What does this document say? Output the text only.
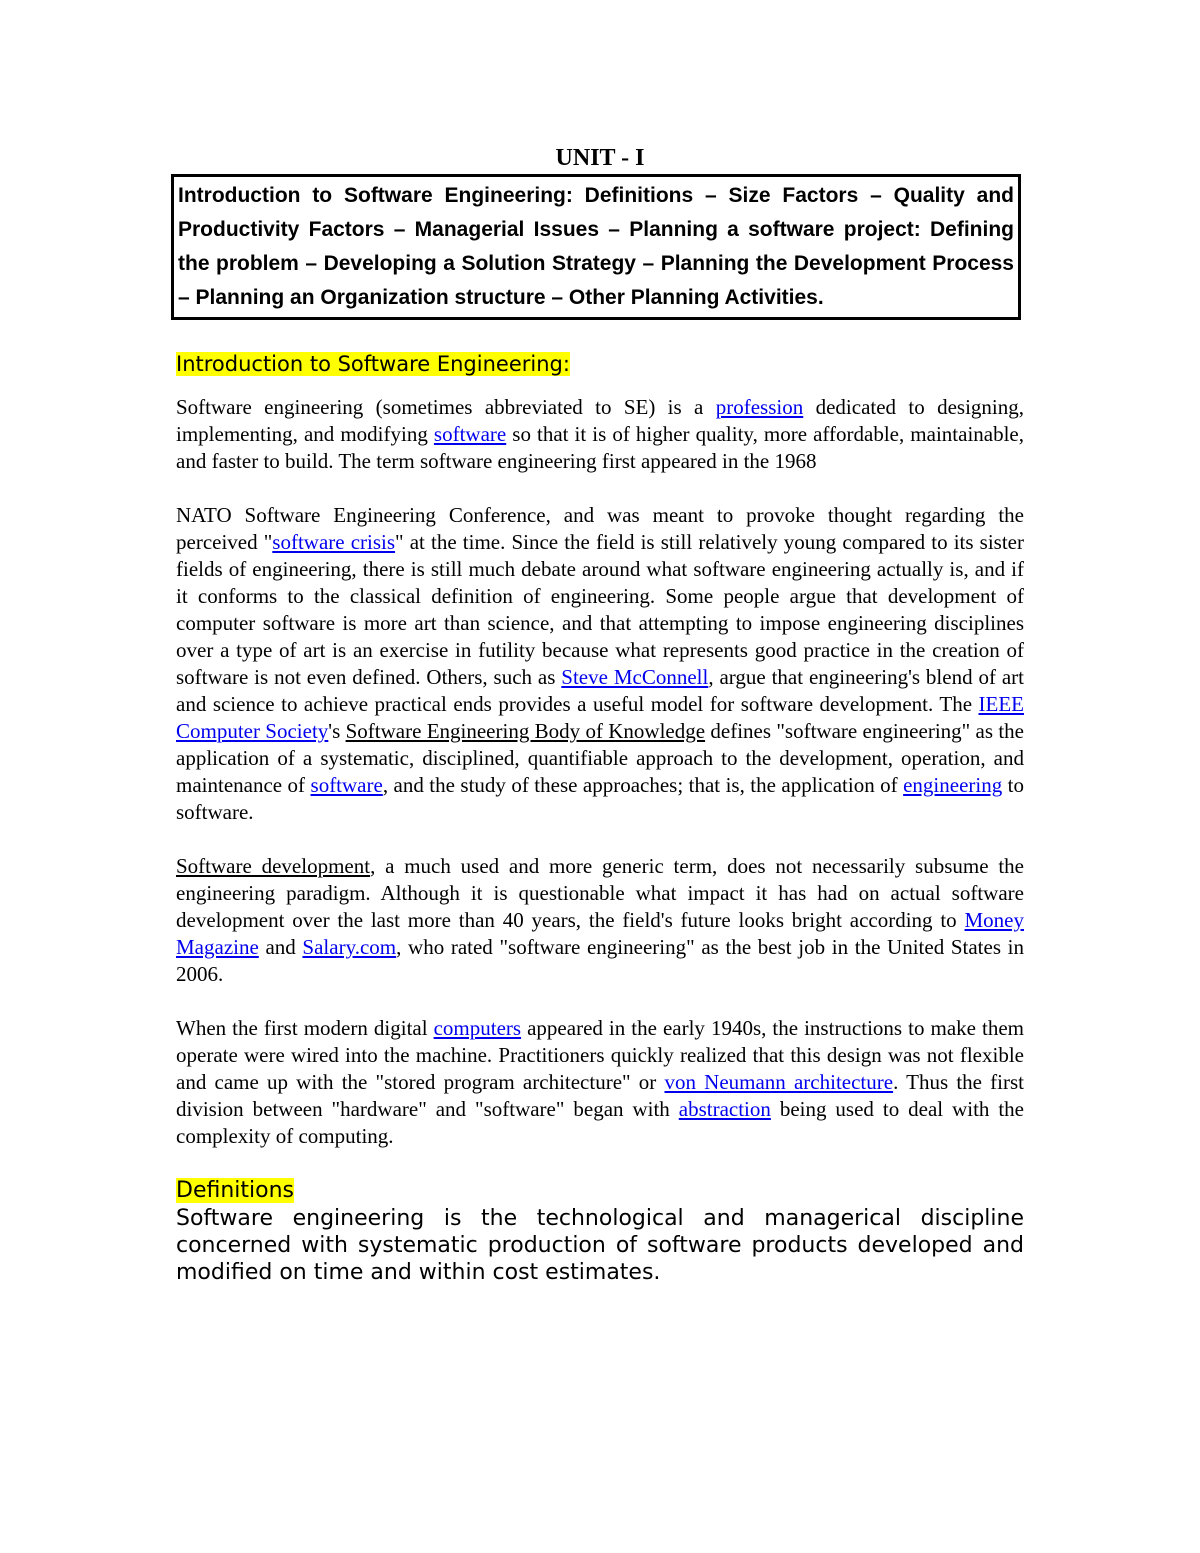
UNIT - I
Introduction to Software Engineering: Definitions – Size Factors – Quality and Productivity Factors – Managerial Issues – Planning a software project: Defining the problem – Developing a Solution Strategy – Planning the Development Process – Planning an Organization structure – Other Planning Activities.
Introduction to Software Engineering:

Software engineering (sometimes abbreviated to SE) is a profession dedicated to designing, implementing, and modifying software so that it is of higher quality, more affordable, maintainable, and faster to build. The term software engineering first appeared in the 1968

NATO Software Engineering Conference, and was meant to provoke thought regarding the perceived "software crisis" at the time. Since the field is still relatively young compared to its sister fields of engineering, there is still much debate around what software engineering actually is, and if it conforms to the classical definition of engineering. Some people argue that development of computer software is more art than science, and that attempting to impose engineering disciplines over a type of art is an exercise in futility because what represents good practice in the creation of software is not even defined. Others, such as Steve McConnell, argue that engineering's blend of art and science to achieve practical ends provides a useful model for software development. The IEEE Computer Society's Software Engineering Body of Knowledge defines "software engineering" as the application of a systematic, disciplined, quantifiable approach to the development, operation, and maintenance of software, and the study of these approaches; that is, the application of engineering to software.

Software development, a much used and more generic term, does not necessarily subsume the engineering paradigm. Although it is questionable what impact it has had on actual software development over the last more than 40 years, the field's future looks bright according to Money Magazine and Salary.com, who rated "software engineering" as the best job in the United States in 2006.

When the first modern digital computers appeared in the early 1940s, the instructions to make them operate were wired into the machine. Practitioners quickly realized that this design was not flexible and came up with the "stored program architecture" or von Neumann architecture. Thus the first division between "hardware" and "software" began with abstraction being used to deal with the complexity of computing.

Definitions

Software engineering is the technological and managerical discipline concerned with systematic production of software products developed and modified on time and within cost estimates.
